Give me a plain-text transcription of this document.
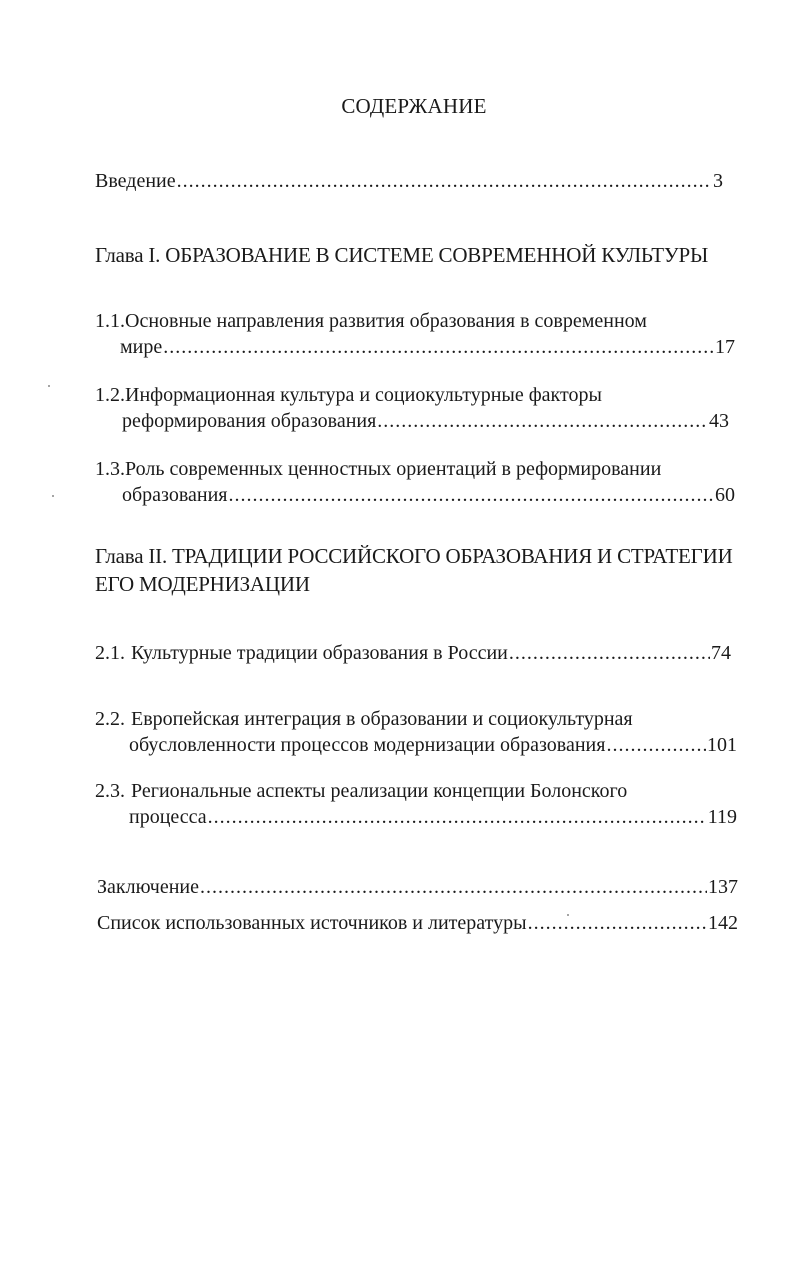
СОДЕРЖАНИЕ
Введение .....	3
Глава I. ОБРАЗОВАНИЕ В СИСТЕМЕ СОВРЕМЕННОЙ КУЛЬТУРЫ
1.1. Основные направления развития образования в современном
мире .....	17
1.2. Информационная культура и социокультурные факторы
реформирования образования .....	43
1.3. Роль современных ценностных ориентаций в реформировании
образования .....	60
Глава II. ТРАДИЦИИ РОССИЙСКОГО ОБРАЗОВАНИЯ И СТРАТЕГИИ
ЕГО МОДЕРНИЗАЦИИ
2.1. Культурные традиции образования в России .....	74
2.2. Европейская интеграция в образовании и социокультурная
обусловленности процессов модернизации образования .....	101
2.3. Региональные аспекты реализации концепции Болонского
процесса .....	119
Заключение .....	137
Список использованных источников и литературы .....	142
